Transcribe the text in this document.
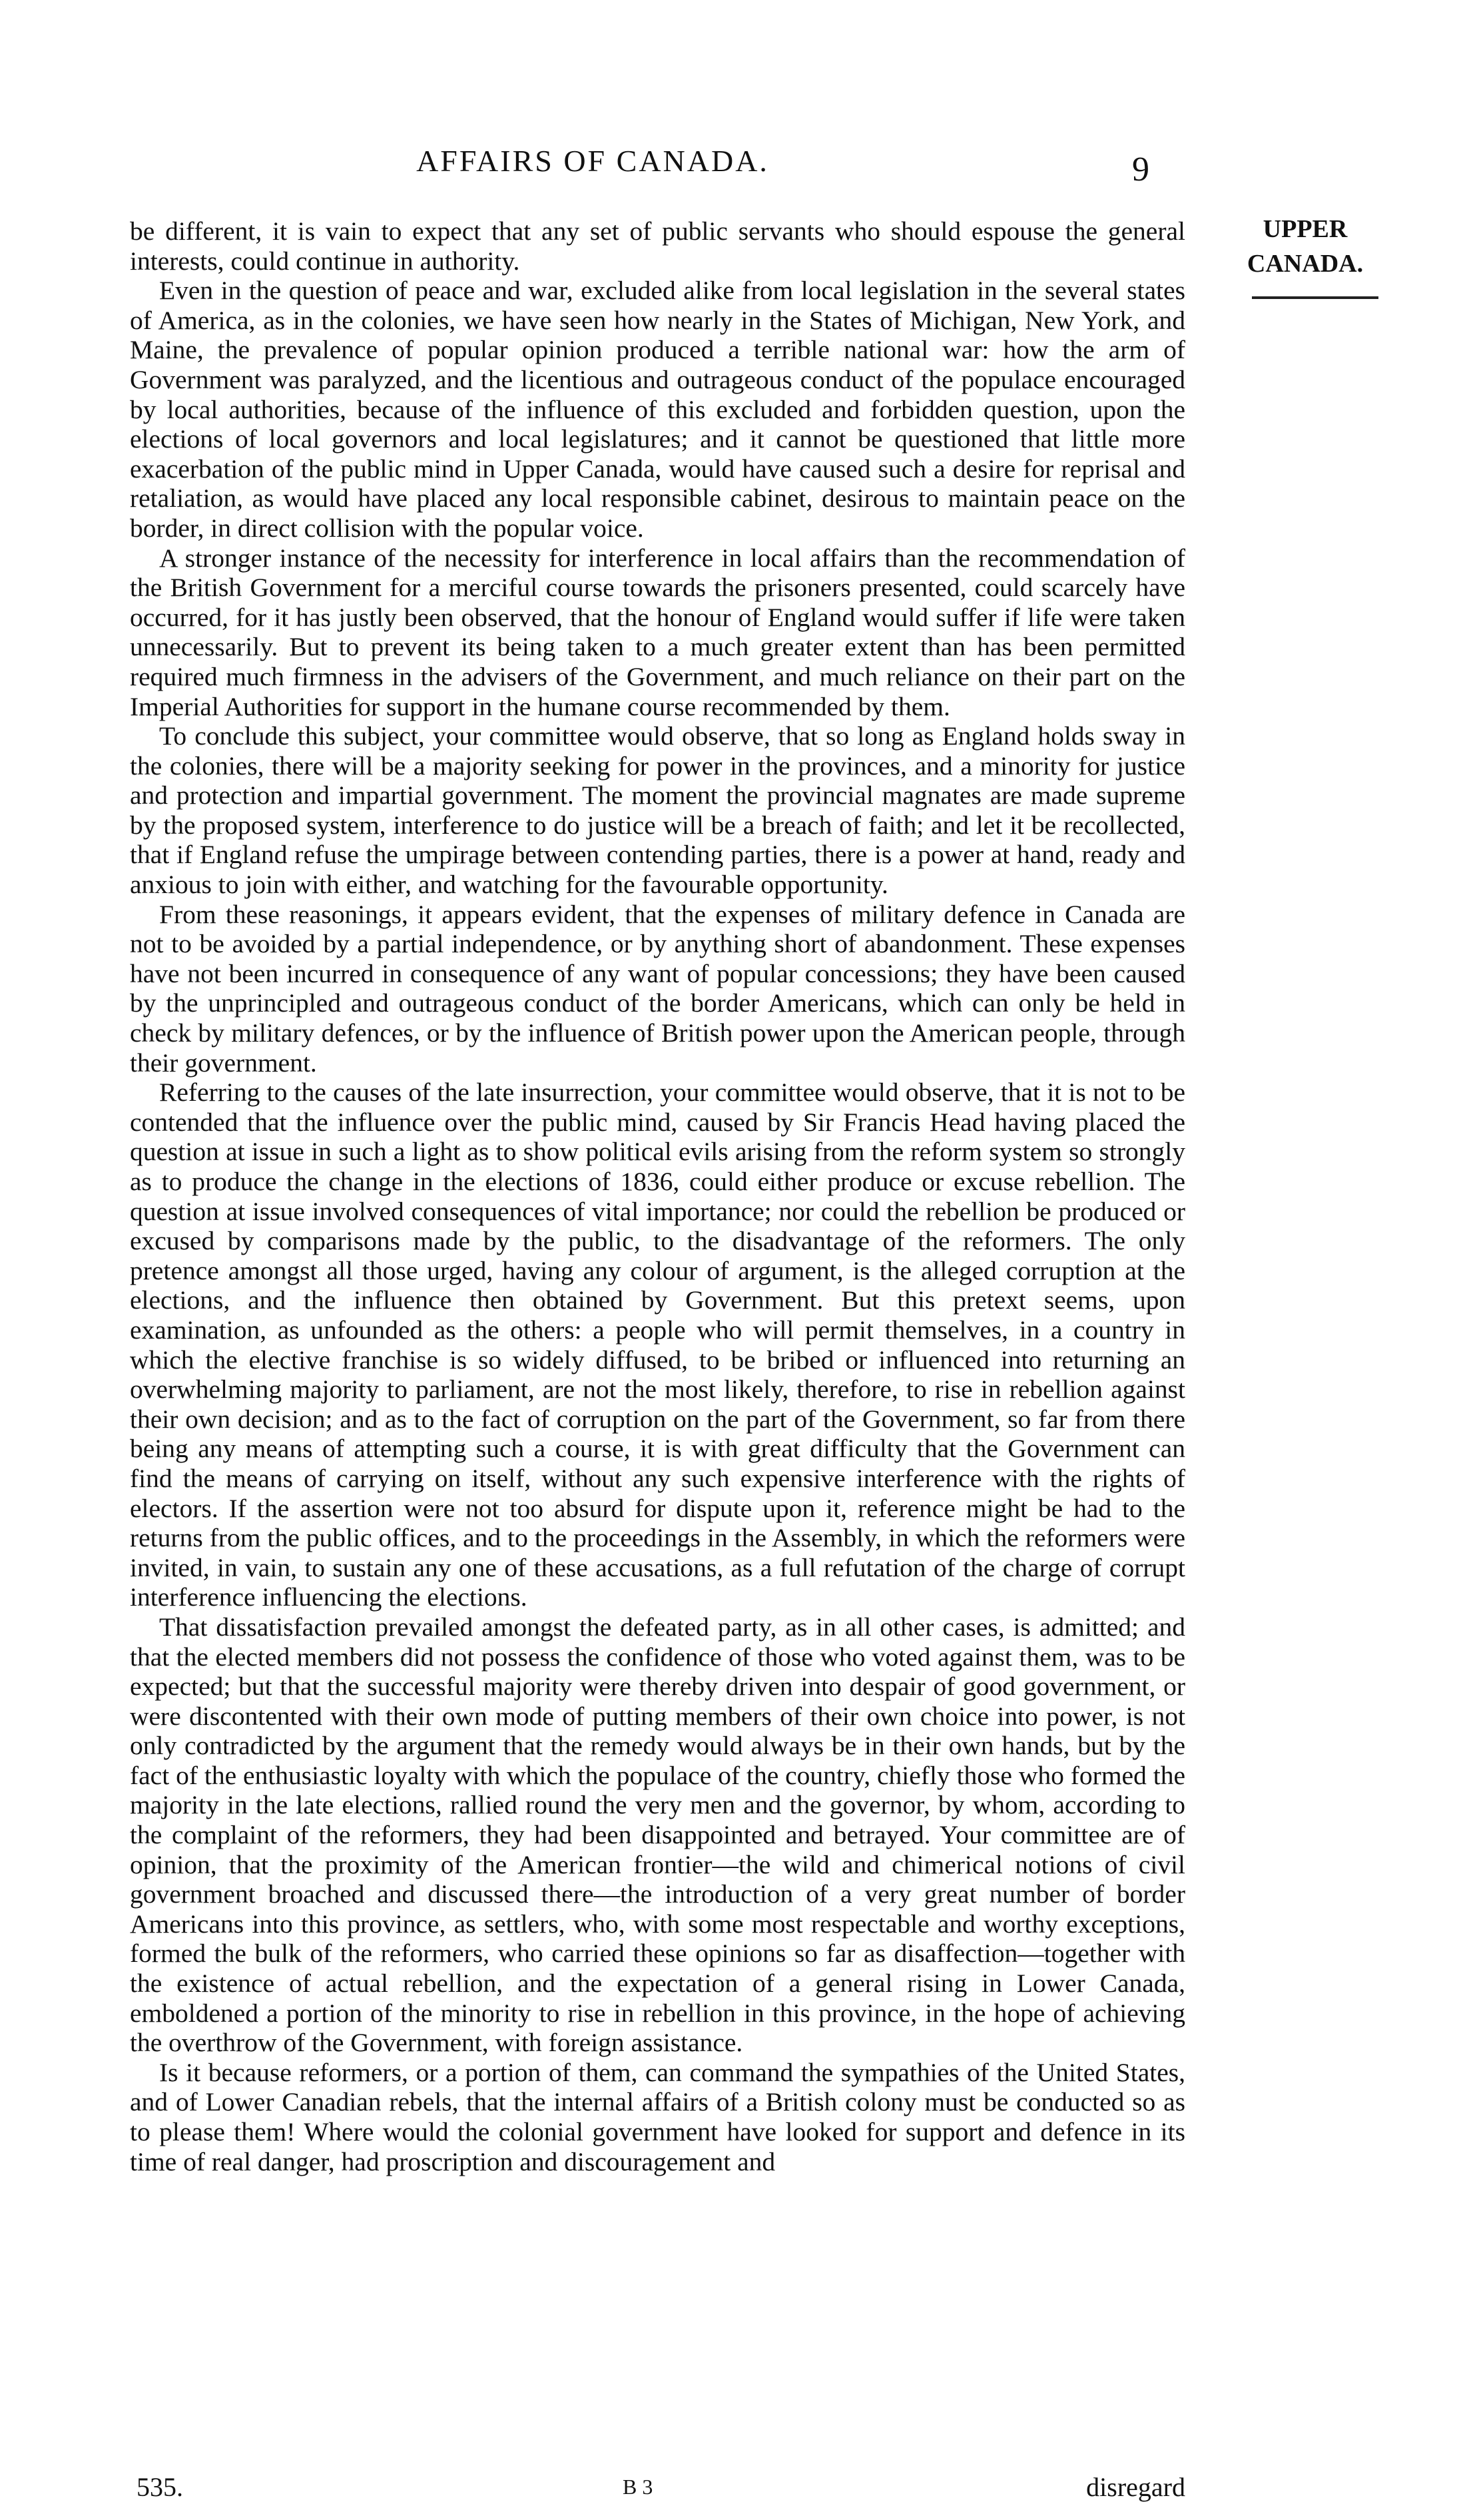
AFFAIRS OF CANADA.	9
UPPER
CANADA.

be different, it is vain to expect that any set of public servants who should espouse the general interests, could continue in authority.

Even in the question of peace and war, excluded alike from local legislation in the several states of America, as in the colonies, we have seen how nearly in the States of Michigan, New York, and Maine, the prevalence of popular opinion produced a terrible national war: how the arm of Government was paralyzed, and the licentious and outrageous conduct of the populace encouraged by local authorities, because of the influence of this excluded and forbidden question, upon the elections of local governors and local legislatures; and it cannot be questioned that little more exacerbation of the public mind in Upper Canada, would have caused such a desire for reprisal and retaliation, as would have placed any local responsible cabinet, desirous to maintain peace on the border, in direct collision with the popular voice.

A stronger instance of the necessity for interference in local affairs than the recommendation of the British Government for a merciful course towards the prisoners presented, could scarcely have occurred, for it has justly been observed, that the honour of England would suffer if life were taken unnecessarily. But to prevent its being taken to a much greater extent than has been permitted required much firmness in the advisers of the Government, and much reliance on their part on the Imperial Authorities for support in the humane course recommended by them.

To conclude this subject, your committee would observe, that so long as England holds sway in the colonies, there will be a majority seeking for power in the provinces, and a minority for justice and protection and impartial government. The moment the provincial magnates are made supreme by the proposed system, interference to do justice will be a breach of faith; and let it be recollected, that if England refuse the umpirage between contending parties, there is a power at hand, ready and anxious to join with either, and watching for the favourable opportunity.

From these reasonings, it appears evident, that the expenses of military defence in Canada are not to be avoided by a partial independence, or by anything short of abandonment. These expenses have not been incurred in consequence of any want of popular concessions; they have been caused by the unprincipled and outrageous conduct of the border Americans, which can only be held in check by military defences, or by the influence of British power upon the American people, through their government.

Referring to the causes of the late insurrection, your committee would observe, that it is not to be contended that the influence over the public mind, caused by Sir Francis Head having placed the question at issue in such a light as to show political evils arising from the reform system so strongly as to produce the change in the elections of 1836, could either produce or excuse rebellion. The question at issue involved consequences of vital importance; nor could the rebellion be produced or excused by comparisons made by the public, to the disadvantage of the reformers. The only pretence amongst all those urged, having any colour of argument, is the alleged corruption at the elections, and the influence then obtained by Government. But this pretext seems, upon examination, as unfounded as the others: a people who will permit themselves, in a country in which the elective franchise is so widely diffused, to be bribed or influenced into returning an overwhelming majority to parliament, are not the most likely, therefore, to rise in rebellion against their own decision; and as to the fact of corruption on the part of the Government, so far from there being any means of attempting such a course, it is with great difficulty that the Government can find the means of carrying on itself, without any such expensive interference with the rights of electors. If the assertion were not too absurd for dispute upon it, reference might be had to the returns from the public offices, and to the proceedings in the Assembly, in which the reformers were invited, in vain, to sustain any one of these accusations, as a full refutation of the charge of corrupt interference influencing the elections.

That dissatisfaction prevailed amongst the defeated party, as in all other cases, is admitted; and that the elected members did not possess the confidence of those who voted against them, was to be expected; but that the successful majority were thereby driven into despair of good government, or were discontented with their own mode of putting members of their own choice into power, is not only contradicted by the argument that the remedy would always be in their own hands, but by the fact of the enthusiastic loyalty with which the populace of the country, chiefly those who formed the majority in the late elections, rallied round the very men and the governor, by whom, according to the complaint of the reformers, they had been disappointed and betrayed. Your committee are of opinion, that the proximity of the American frontier—the wild and chimerical notions of civil government broached and discussed there—the introduction of a very great number of border Americans into this province, as settlers, who, with some most respectable and worthy exceptions, formed the bulk of the reformers, who carried these opinions so far as disaffection—together with the existence of actual rebellion, and the expectation of a general rising in Lower Canada, emboldened a portion of the minority to rise in rebellion in this province, in the hope of achieving the overthrow of the Government, with foreign assistance.

Is it because reformers, or a portion of them, can command the sympathies of the United States, and of Lower Canadian rebels, that the internal affairs of a British colony must be conducted so as to please them! Where would the colonial government have looked for support and defence in its time of real danger, had proscription and discouragement and

535.	B 3	disregard
